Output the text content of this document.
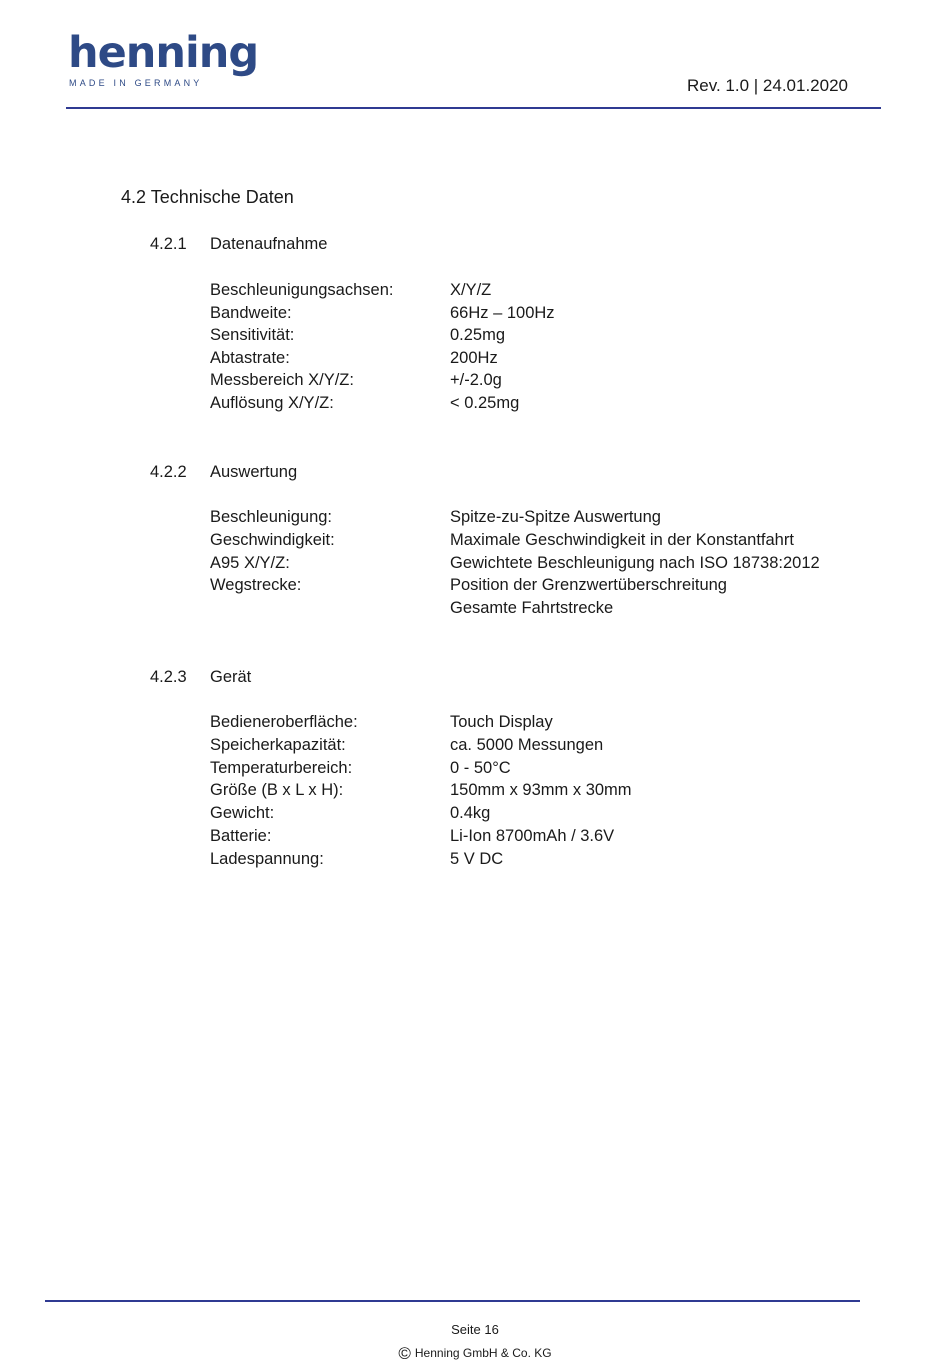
henning
MADE IN GERMANY	Rev. 1.0 | 24.01.2020
4.2 Technische Daten
4.2.1 Datenaufnahme
Beschleunigungsachsen:	X/Y/Z
Bandweite:	66Hz – 100Hz
Sensitivität:	0.25mg
Abtastrate:	200Hz
Messbereich X/Y/Z:	+/-2.0g
Auflösung X/Y/Z:	< 0.25mg
4.2.2 Auswertung
Beschleunigung:	Spitze-zu-Spitze Auswertung
Geschwindigkeit:	Maximale Geschwindigkeit in der Konstantfahrt
A95 X/Y/Z:	Gewichtete Beschleunigung nach ISO 18738:2012
Wegstrecke:	Position der Grenzwertüberschreitung
Gesamte Fahrtstrecke
4.2.3 Gerät
Bedieneroberfläche:	Touch Display
Speicherkapazität:	ca. 5000 Messungen
Temperaturbereich:	0 - 50°C
Größe (B x L x H):	150mm x 93mm x 30mm
Gewicht:	0.4kg
Batterie:	Li-Ion 8700mAh / 3.6V
Ladespannung:	5 V DC
Seite 16
© Henning GmbH & Co. KG
